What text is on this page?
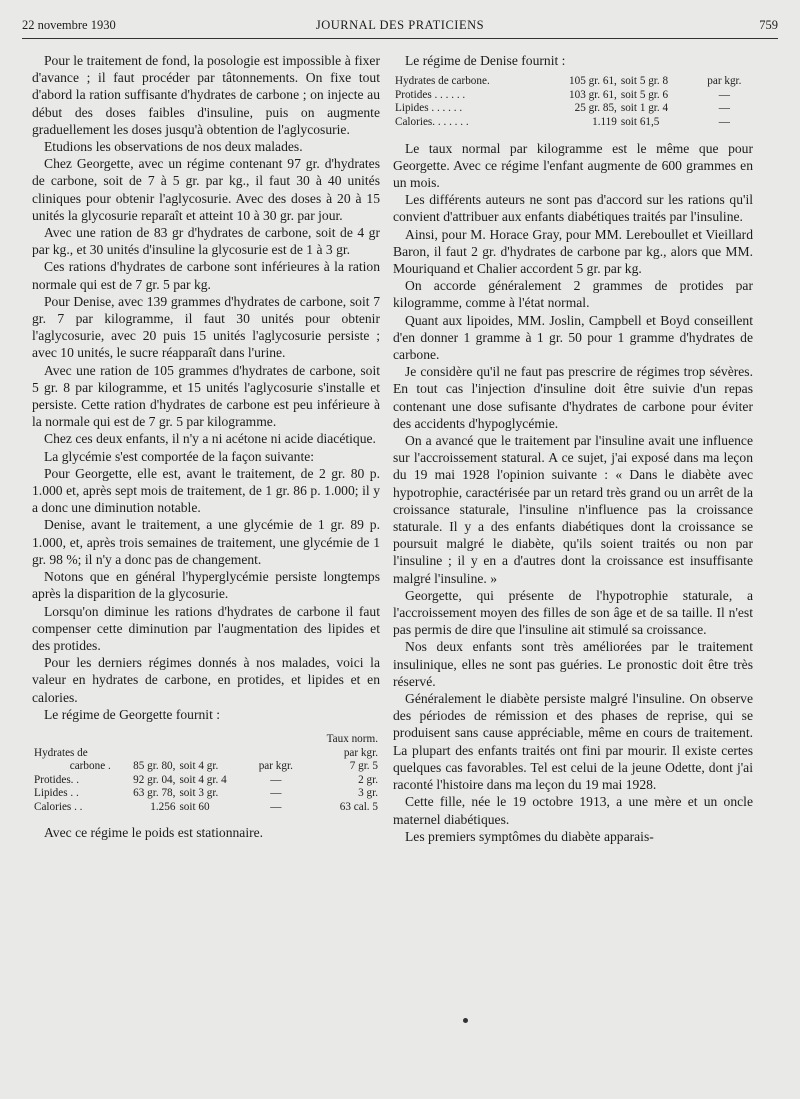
22 novembre 1930	JOURNAL DES PRATICIENS	759

Pour le traitement de fond, la posologie est impossible à fixer d'avance ; il faut procéder par tâtonnements. On fixe tout d'abord la ration suffisante d'hydrates de carbone ; on injecte au début des doses faibles d'insuline, puis on augmente graduellement les doses jusqu'à obtention de l'aglycosurie.

Etudions les observations de nos deux malades.

Chez Georgette, avec un régime contenant 97 gr. d'hydrates de carbone, soit de 7 à 5 gr. par kg., il faut 30 à 40 unités cliniques pour obtenir l'aglycosurie. Avec des doses à 20 à 15 unités la glycosurie reparaît et atteint 10 à 30 gr. par jour.

Avec une ration de 83 gr d'hydrates de carbone, soit de 4 gr par kg., et 30 unités d'insuline la glycosurie est de 1 à 3 gr.

Ces rations d'hydrates de carbone sont inférieures à la ration normale qui est de 7 gr. 5 par kg.

Pour Denise, avec 139 grammes d'hydrates de carbone, soit 7 gr. 7 par kilogramme, il faut 30 unités pour obtenir l'aglycosurie, avec 20 puis 15 unités l'aglycosurie persiste ; avec 10 unités, le sucre réapparaît dans l'urine.

Avec une ration de 105 grammes d'hydrates de carbone, soit 5 gr. 8 par kilogramme, et 15 unités l'aglycosurie s'installe et persiste. Cette ration d'hydrates de carbone est peu inférieure à la normale qui est de 7 gr. 5 par kilogramme.

Chez ces deux enfants, il n'y a ni acétone ni acide diacétique.

La glycémie s'est comportée de la façon suivante:

Pour Georgette, elle est, avant le traitement, de 2 gr. 80 p. 1.000 et, après sept mois de traitement, de 1 gr. 86 p. 1.000; il y a donc une diminution notable.

Denise, avant le traitement, a une glycémie de 1 gr. 89 p. 1.000, et, après trois semaines de traitement, une glycémie de 1 gr. 98 %; il n'y a donc pas de changement.

Notons que en général l'hyperglycémie persiste longtemps après la disparition de la glycosurie.

Lorsqu'on diminue les rations d'hydrates de carbone il faut compenser cette diminution par l'augmentation des lipides et des protides.

Pour les derniers régimes donnés à nos malades, voici la valeur en hydrates de carbone, en protides, et lipides et en calories.

Le régime de Georgette fournit :

				Taux norm.
Hydrates de				par kgr.
carbone .	85 gr. 80,	soit 4 gr.	par kgr.	7 gr. 5
Protides. .	92 gr. 04,	soit 4 gr. 4	—	2 gr.
Lipides . .	63 gr. 78,	soit 3 gr.	—	3 gr.
Calories . .	1.256	soit 60	—	63 cal. 5

Avec ce régime le poids est stationnaire.

Le régime de Denise fournit :

Hydrates de carbone.	105 gr. 61,	soit 5 gr. 8	par kgr.
Protides . . . . . .	103 gr. 61,	soit 5 gr. 6	—
Lipides . . . . . .	25 gr. 85,	soit 1 gr. 4	—
Calories. . . . . . .	1.119	soit 61,5	—

Le taux normal par kilogramme est le même que pour Georgette. Avec ce régime l'enfant augmente de 600 grammes en un mois.

Les différents auteurs ne sont pas d'accord sur les rations qu'il convient d'attribuer aux enfants diabétiques traités par l'insuline.

Ainsi, pour M. Horace Gray, pour MM. Lereboullet et Vieillard Baron, il faut 2 gr. d'hydrates de carbone par kg., alors que MM. Mouriquand et Chalier accordent 5 gr. par kg.

On accorde généralement 2 grammes de protides par kilogramme, comme à l'état normal.

Quant aux lipoides, MM. Joslin, Campbell et Boyd conseillent d'en donner 1 gramme à 1 gr. 50 pour 1 gramme d'hydrates de carbone.

Je considère qu'il ne faut pas prescrire de régimes trop sévères. En tout cas l'injection d'insuline doit être suivie d'un repas contenant une dose sufisante d'hydrates de carbone pour éviter des accidents d'hypoglycémie.

On a avancé que le traitement par l'insuline avait une influence sur l'accroissement statural. A ce sujet, j'ai exposé dans ma leçon du 19 mai 1928 l'opinion suivante : « Dans le diabète avec hypotrophie, caractérisée par un retard très grand ou un arrêt de la croissance staturale, l'insuline n'influence pas la croissance staturale. Il y a des enfants diabétiques dont la croissance se poursuit malgré le diabète, qu'ils soient traités ou non par l'insuline ; il y en a d'autres dont la croissance est insuffisante malgré l'insuline. »

Georgette, qui présente de l'hypotrophie staturale, a l'accroissement moyen des filles de son âge et de sa taille. Il n'est pas permis de dire que l'insuline ait stimulé sa croissance.

Nos deux enfants sont très améliorées par le traitement insulinique, elles ne sont pas guéries. Le pronostic doit être très réservé.

Généralement le diabète persiste malgré l'insuline. On observe des périodes de rémission et des phases de reprise, qui se produisent sans cause appréciable, même en cours de traitement. La plupart des enfants traités ont fini par mourir. Il existe certes quelques cas favorables. Tel est celui de la jeune Odette, dont j'ai raconté l'histoire dans ma leçon du 19 mai 1928.

Cette fille, née le 19 octobre 1913, a une mère et un oncle maternel diabétiques.

Les premiers symptômes du diabète apparais-
